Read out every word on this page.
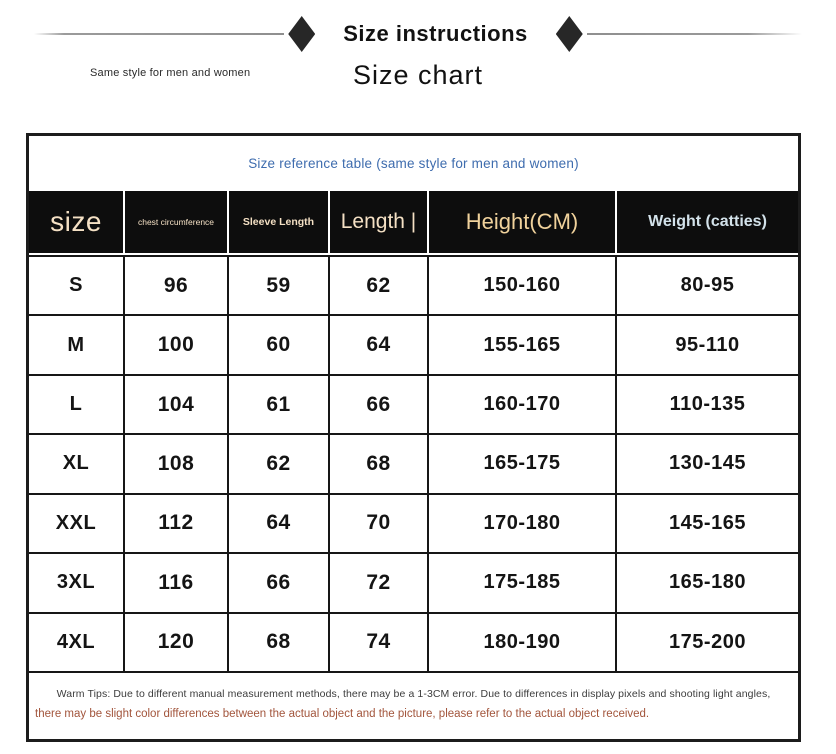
Size instructions
Same style for men and women	Size chart
Size reference table (same style for men and women)
size	chest circumference	Sleeve Length	Length |	Height(CM)	Weight (catties)
S	96	59	62	150-160	80-95
M	100	60	64	155-165	95-110
L	104	61	66	160-170	110-135
XL	108	62	68	165-175	130-145
XXL	112	64	70	170-180	145-165
3XL	116	66	72	175-185	165-180
4XL	120	68	74	180-190	175-200
Warm Tips: Due to different manual measurement methods, there may be a 1-3CM error. Due to differences in display pixels and shooting light angles,
there may be slight color differences between the actual object and the picture, please refer to the actual object received.
